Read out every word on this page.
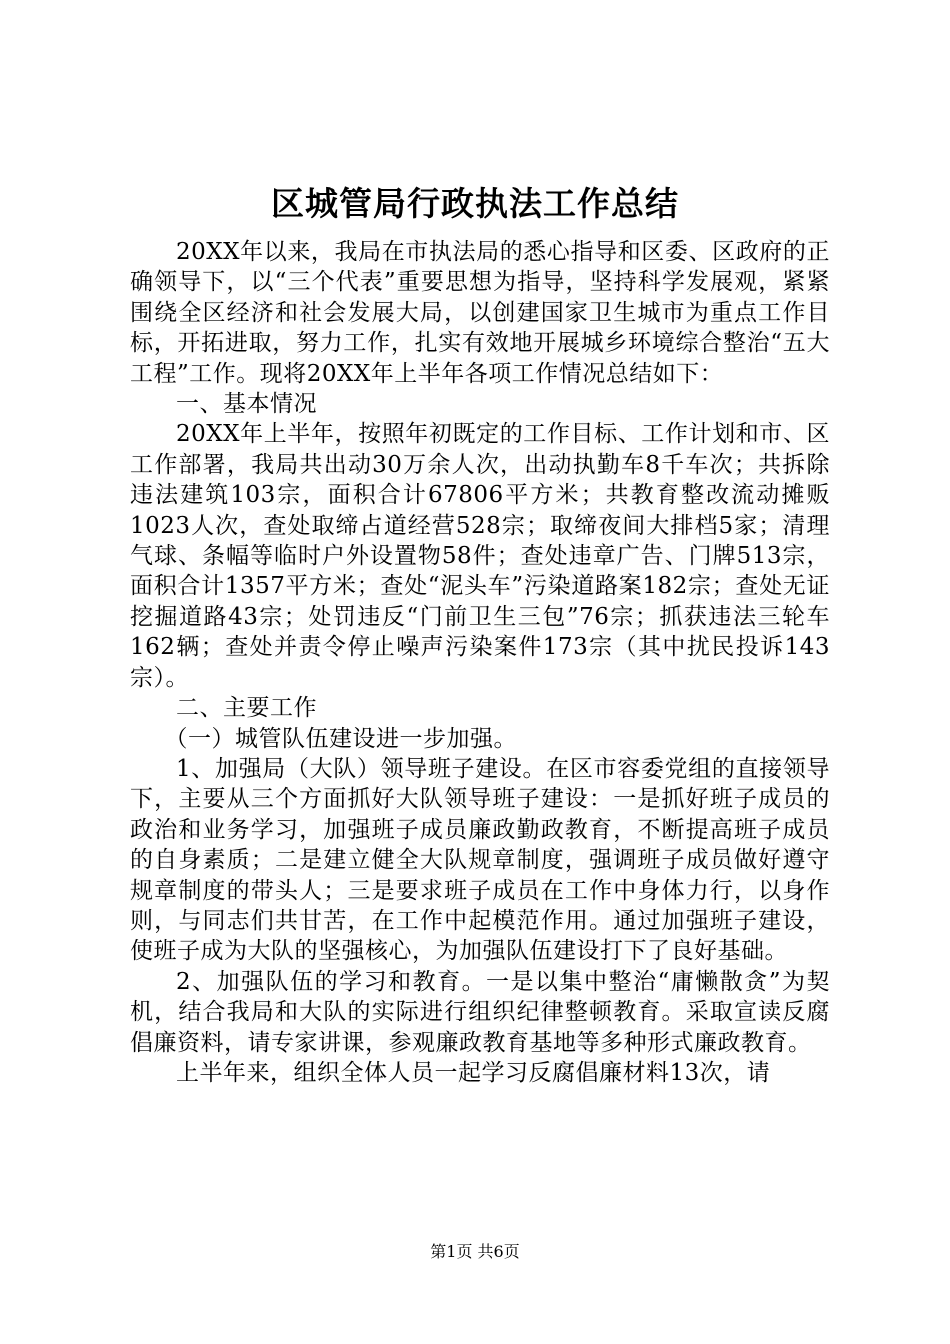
区城管局行政执法工作总结

20XX年以来，我局在市执法局的悉心指导和区委、区政府的正确领导下，以“三个代表”重要思想为指导，坚持科学发展观，紧紧围绕全区经济和社会发展大局，以创建国家卫生城市为重点工作目标，开拓进取，努力工作，扎实有效地开展城乡环境综合整治“五大工程”工作。现将20XX年上半年各项工作情况总结如下：

一、基本情况

20XX年上半年，按照年初既定的工作目标、工作计划和市、区工作部署，我局共出动30万余人次，出动执勤车8千车次；共拆除违法建筑103宗，面积合计67806平方米；共教育整改流动摊贩1023人次，查处取缔占道经营528宗；取缔夜间大排档5家；清理气球、条幅等临时户外设置物58件；查处违章广告、门牌513宗，面积合计1357平方米；查处“泥头车”污染道路案182宗；查处无证挖掘道路43宗；处罚违反“门前卫生三包”76宗；抓获违法三轮车162辆；查处并责令停止噪声污染案件173宗（其中扰民投诉143宗）。

二、主要工作

（一）城管队伍建设进一步加强。

1、加强局（大队）领导班子建设。在区市容委党组的直接领导下，主要从三个方面抓好大队领导班子建设：一是抓好班子成员的政治和业务学习，加强班子成员廉政勤政教育，不断提高班子成员的自身素质；二是建立健全大队规章制度，强调班子成员做好遵守规章制度的带头人；三是要求班子成员在工作中身体力行，以身作则，与同志们共甘苦，在工作中起模范作用。通过加强班子建设，使班子成为大队的坚强核心，为加强队伍建设打下了良好基础。

2、加强队伍的学习和教育。一是以集中整治“庸懒散贪”为契机，结合我局和大队的实际进行组织纪律整顿教育。采取宣读反腐倡廉资料，请专家讲课，参观廉政教育基地等多种形式廉政教育。

上半年来，组织全体人员一起学习反腐倡廉材料13次，请

第1页 共6页
